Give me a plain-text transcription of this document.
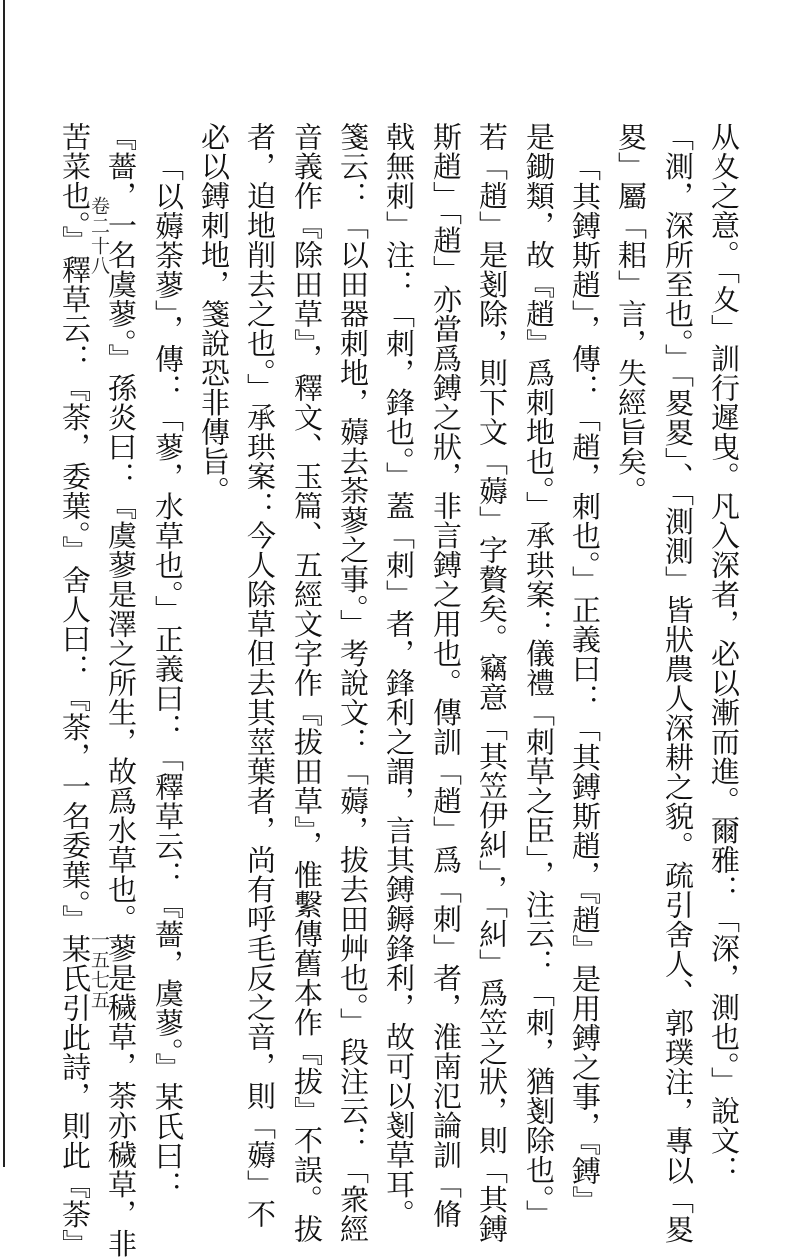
卷二十八	从夊之意。「夊」訓行遲曳。凡入深者，必以漸而進。爾雅：「深，測也。」說文：
「測，深所至也。」「畟畟」、「測測」皆狀農人深耕之貌。疏引舍人、郭璞注，專以「畟
畟」屬「耜」言，失經旨矣。
「其鎛斯趙」，傳：「趙，刺也。」正義曰：「其鎛斯趙，『趙』是用鎛之事，『鎛』
是鋤類，故『趙』爲刺地也。」承珙案：儀禮「刺草之臣」，注云：「刺，猶剗除也。」
若「趙」是剗除，則下文「薅」字贅矣。竊意「其笠伊糾」，「糾」爲笠之狀，則「其鎛
斯趙」「趙」亦當爲鎛之狀，非言鎛之用也。傳訓「趙」爲「刺」者，淮南氾論訓「脩
戟無刺」注：「刺，鋒也。」蓋「刺」者，鋒利之謂，言其鎛鎒鋒利，故可以剗草耳。
箋云：「以田器刺地，薅去荼蓼之事。」考說文：「薅，拔去田艸也。」段注云：「衆經
音義作『除田草』，釋文、玉篇、五經文字作『拔田草』，惟繫傳舊本作『拔』不誤。拔
者，迫地削去之也。」承珙案：今人除草但去其莖葉者，尚有呼毛反之音，則「薅」不
必以鎛刺地，箋說恐非傳旨。
「以薅荼蓼」，傳：「蓼，水草也。」正義曰：「釋草云：『薔，虞蓼。』某氏曰：
『薔，一名虞蓼。』孫炎曰：『虞蓼是澤之所生，故爲水草也。蓼是穢草，荼亦穢草，非
苦菜也。』釋草云：『荼，委葉。』舍人曰：『荼，一名委葉。』某氏引此詩，則此『荼』
一五七五
